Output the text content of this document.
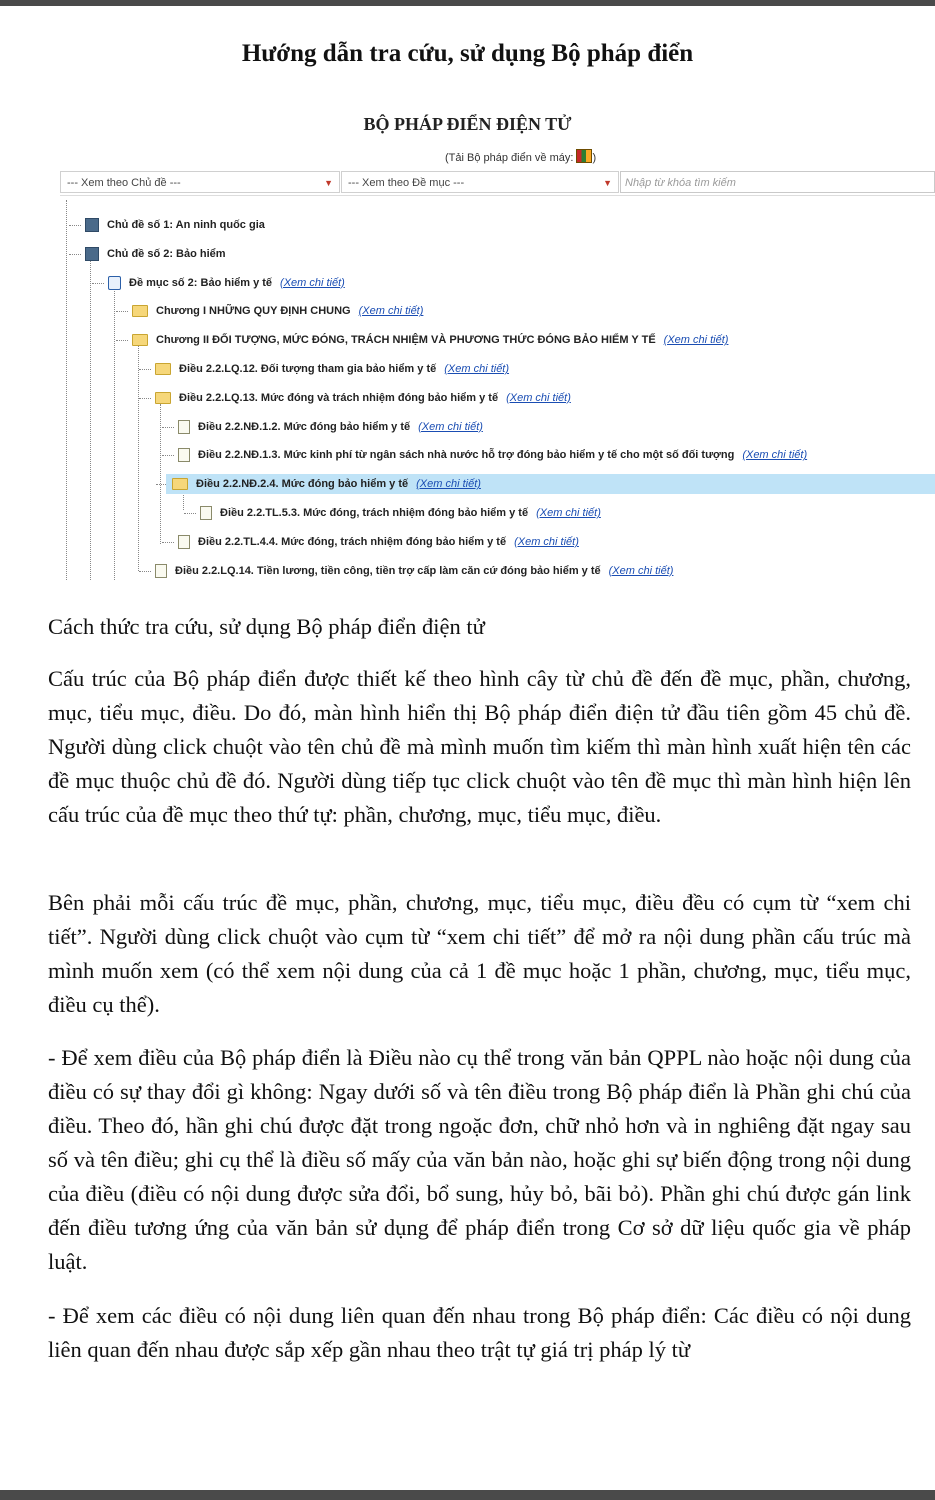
Hướng dẫn tra cứu, sử dụng Bộ pháp điển
BỘ PHÁP ĐIỂN ĐIỆN TỬ
(Tải Bộ pháp điển về máy: )
--- Xem theo Chủ đề ---	▼	--- Xem theo Đề mục ---	▼	Nhập từ khóa tìm kiếm
Chủ đề số 1: An ninh quốc gia
Chủ đề số 2: Bảo hiểm
Đề mục số 2: Bảo hiểm y tế (Xem chi tiết)
Chương I NHỮNG QUY ĐỊNH CHUNG (Xem chi tiết)
Chương II ĐỐI TƯỢNG, MỨC ĐÓNG, TRÁCH NHIỆM VÀ PHƯƠNG THỨC ĐÓNG BẢO HIỂM Y TẾ (Xem chi tiết)
Điều 2.2.LQ.12. Đối tượng tham gia bảo hiểm y tế (Xem chi tiết)
Điều 2.2.LQ.13. Mức đóng và trách nhiệm đóng bảo hiểm y tế (Xem chi tiết)
Điều 2.2.NĐ.1.2. Mức đóng bảo hiểm y tế (Xem chi tiết)
Điều 2.2.NĐ.1.3. Mức kinh phí từ ngân sách nhà nước hỗ trợ đóng bảo hiểm y tế cho một số đối tượng (Xem chi tiết)
Điều 2.2.NĐ.2.4. Mức đóng bảo hiểm y tế (Xem chi tiết)
Điều 2.2.TL.5.3. Mức đóng, trách nhiệm đóng bảo hiểm y tế (Xem chi tiết)
Điều 2.2.TL.4.4. Mức đóng, trách nhiệm đóng bảo hiểm y tế (Xem chi tiết)
Điều 2.2.LQ.14. Tiền lương, tiền công, tiền trợ cấp làm căn cứ đóng bảo hiểm y tế (Xem chi tiết)
Cách thức tra cứu, sử dụng Bộ pháp điển điện tử
Cấu trúc của Bộ pháp điển được thiết kế theo hình cây từ chủ đề đến đề mục, phần, chương, mục, tiểu mục, điều. Do đó, màn hình hiển thị Bộ pháp điển điện tử đầu tiên gồm 45 chủ đề. Người dùng click chuột vào tên chủ đề mà mình muốn tìm kiếm thì màn hình xuất hiện tên các đề mục thuộc chủ đề đó. Người dùng tiếp tục click chuột vào tên đề mục thì màn hình hiện lên cấu trúc của đề mục theo thứ tự: phần, chương, mục, tiểu mục, điều.
Bên phải mỗi cấu trúc đề mục, phần, chương, mục, tiểu mục, điều đều có cụm từ “xem chi tiết”. Người dùng click chuột vào cụm từ “xem chi tiết” để mở ra nội dung phần cấu trúc mà mình muốn xem (có thể xem nội dung của cả 1 đề mục hoặc 1 phần, chương, mục, tiểu mục, điều cụ thể).
- Để xem điều của Bộ pháp điển là Điều nào cụ thể trong văn bản QPPL nào hoặc nội dung của điều có sự thay đổi gì không: Ngay dưới số và tên điều trong Bộ pháp điển là Phần ghi chú của điều. Theo đó, hần ghi chú được đặt trong ngoặc đơn, chữ nhỏ hơn và in nghiêng đặt ngay sau số và tên điều; ghi cụ thể là điều số mấy của văn bản nào, hoặc ghi sự biến động trong nội dung của điều (điều có nội dung được sửa đổi, bổ sung, hủy bỏ, bãi bỏ). Phần ghi chú được gán link đến điều tương ứng của văn bản sử dụng để pháp điển trong Cơ sở dữ liệu quốc gia về pháp luật.
- Để xem các điều có nội dung liên quan đến nhau trong Bộ pháp điển: Các điều có nội dung liên quan đến nhau được sắp xếp gần nhau theo trật tự giá trị pháp lý từ
